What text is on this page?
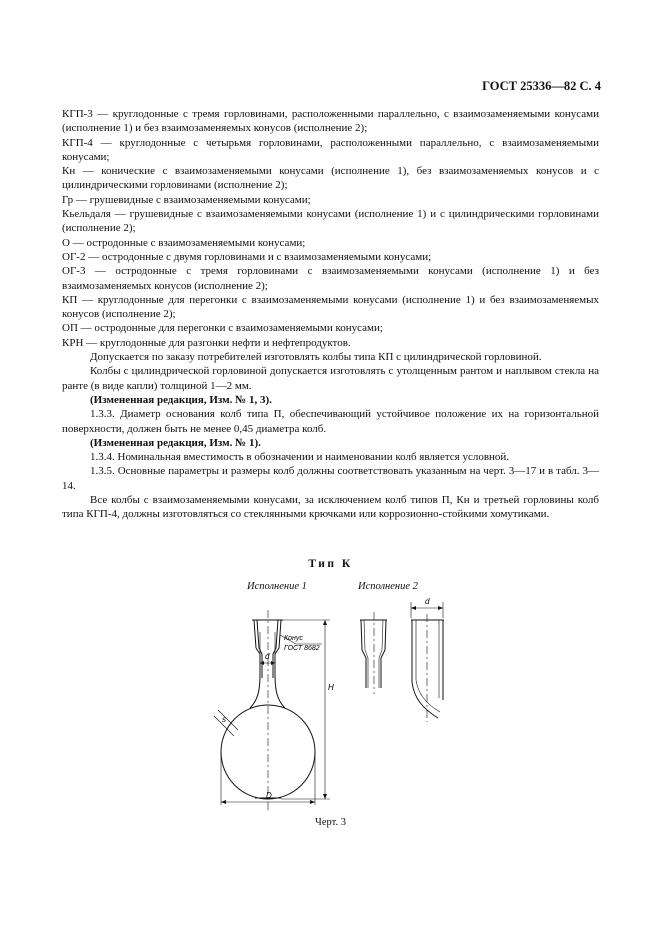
ГОСТ 25336—82 С. 4

КГП-3 — круглодонные с тремя горловинами, расположенными параллельно, с взаимозаменяемыми конусами (исполнение 1) и без взаимозаменяемых конусов (исполнение 2);

КГП-4 — круглодонные с четырьмя горловинами, расположенными параллельно, с взаимозаменяемыми конусами;

Кн — конические с взаимозаменяемыми конусами (исполнение 1), без взаимозаменяемых конусов и с цилиндрическими горловинами (исполнение 2);

Гр — грушевидные с взаимозаменяемыми конусами;

Кьельдаля — грушевидные с взаимозаменяемыми конусами (исполнение 1) и с цилиндрическими горловинами (исполнение 2);

О — остродонные с взаимозаменяемыми конусами;

ОГ-2 — остродонные с двумя горловинами и с взаимозаменяемыми конусами;

ОГ-3 — остродонные с тремя горловинами с взаимозаменяемыми конусами (исполнение 1) и без взаимозаменяемых конусов (исполнение 2);

КП — круглодонные для перегонки с взаимозаменяемыми конусами (исполнение 1) и без взаимозаменяемых конусов (исполнение 2);

ОП — остродонные для перегонки с взаимозаменяемыми конусами;

КРН — круглодонные для разгонки нефти и нефтепродуктов.

Допускается по заказу потребителей изготовлять колбы типа КП с цилиндрической горловиной.

Колбы с цилиндрической горловиной допускается изготовлять с утолщенным рантом и наплывом стекла на ранте (в виде капли) толщиной 1—2 мм.

(Измененная редакция, Изм. № 1, 3).

1.3.3. Диаметр основания колб типа П, обеспечивающий устойчивое положение их на горизонтальной поверхности, должен быть не менее 0,45 диаметра колб.

(Измененная редакция, Изм. № 1).

1.3.4. Номинальная вместимость в обозначении и наименовании колб является условной.

1.3.5. Основные параметры и размеры колб должны соответствовать указанным на черт. 3—17 и в табл. 3—14.

Все колбы с взаимозаменяемыми конусами, за исключением колб типов П, Кн и третьей горловины колб типа КГП-4, должны изготовляться со стеклянными крючками или коррозионно-стойкими хомутиками.

Тип К
Исполнение 1	Исполнение 2
Конус
ГОСТ 8682
d
H
D
s
d
Черт. 3
